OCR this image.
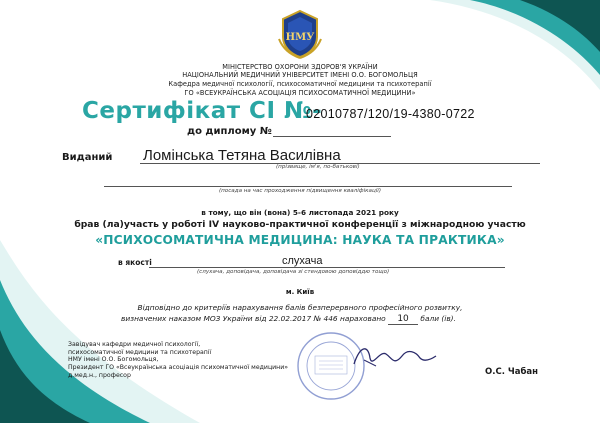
НМУ
МІНІСТЕРСТВО ОХОРОНИ ЗДОРОВ'Я УКРАЇНИ
НАЦІОНАЛЬНИЙ МЕДИЧНИЙ УНІВЕРСИТЕТ ІМЕНІ О.О. БОГОМОЛЬЦЯ
Кафедра медичної психології, психосоматичної медицини та психотерапії
ГО «ВСЕУКРАЇНСЬКА АСОЦІАЦІЯ ПСИХОСОМАТИЧНОЇ МЕДИЦИНИ»
Сертифікат СІ №-
02010787/120/19-4380-0722
до диплому №
Виданий Ломінська Тетяна Василівна
(прізвище, ім'я, по-батькові)
(посада на час проходження підвищення кваліфікації)
в тому, що він (вона) 5-6 листопада 2021 року
брав (ла)участь у роботі IV науково-практичної конференції з міжнародною участю
«ПСИХОСОМАТИЧНА МЕДИЦИНА: НАУКА ТА ПРАКТИКА»
в якості	слухача
(слухача, доповідача, доповідача зі стендовою доповіддю тощо)
м. Київ
Відповідно до критеріїв нарахування балів безперервного професійного розвитку,
визначених наказом МОЗ України від 22.02.2017 № 446 нараховано 10 бали (ів).
Завідувач кафедри медичної психології,
психосоматичної медицини та психотерапії
НМУ імені О.О. Богомольця,
Президент ГО «Всеукраїнська асоціація психоматичної медицини»
д.мед.н., професор	О.С. Чабан
